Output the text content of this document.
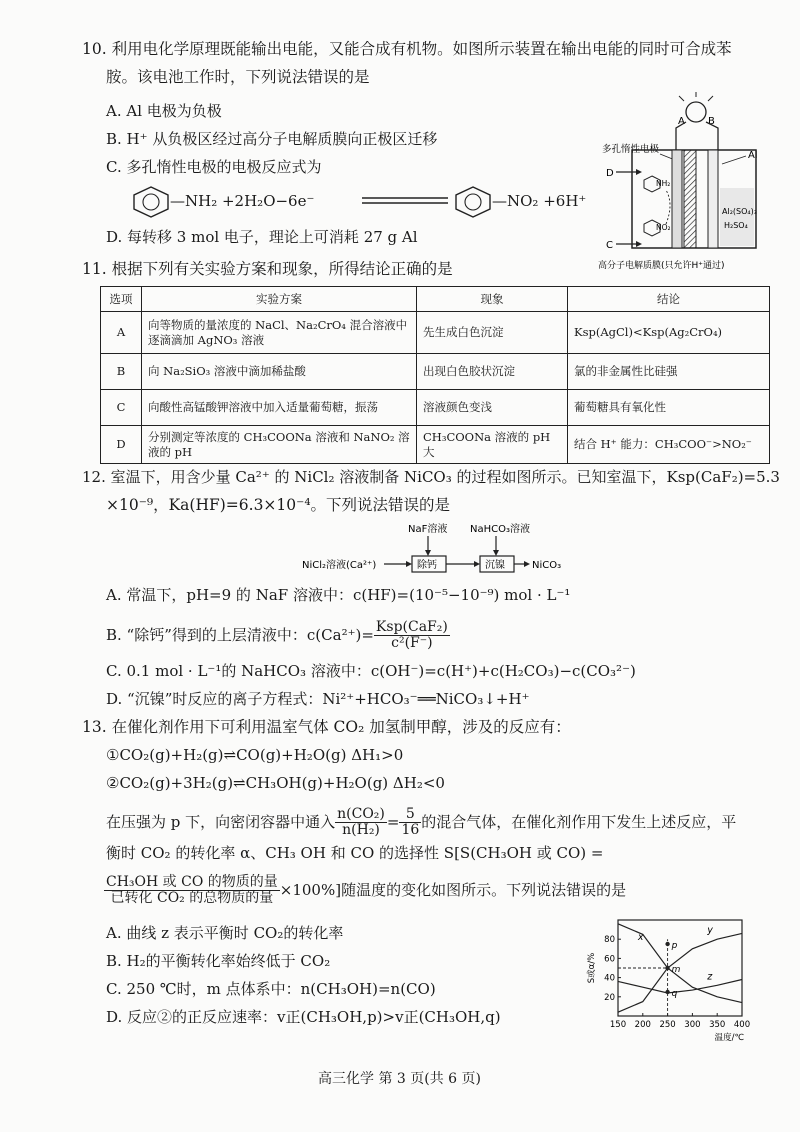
10. 利用电化学原理既能输出电能，又能合成有机物。如图所示装置在输出电能的同时可合成苯
胺。该电池工作时，下列说法错误的是
A. Al 电极为负极
B. H⁺ 从负极区经过高分子电解质膜向正极区迁移
C. 多孔惰性电极的电极反应式为
—NH₂ +2H₂O−6e⁻	—NO₂ +6H⁺
D. 每转移 3 mol 电子，理论上可消耗 27 g Al
A B
多孔惰性电极
Al
Al₂(SO₄)₃
H₂SO₄
D
C
NH₂
NO₂
高分子电解质膜(只允许H⁺通过)
11. 根据下列有关实验方案和现象，所得结论正确的是
选项	实验方案	现象	结论
A	向等物质的量浓度的 NaCl、Na₂CrO₄ 混合溶液中逐滴滴加 AgNO₃ 溶液	先生成白色沉淀	Ksp(AgCl)<Ksp(Ag₂CrO₄)
B	向 Na₂SiO₃ 溶液中滴加稀盐酸	出现白色胶状沉淀	氯的非金属性比硅强
C	向酸性高锰酸钾溶液中加入适量葡萄糖，振荡	溶液颜色变浅	葡萄糖具有氧化性
D	分别测定等浓度的 CH₃COONa 溶液和 NaNO₂ 溶液的 pH	CH₃COONa 溶液的 pH 大	结合 H⁺ 能力：CH₃COO⁻>NO₂⁻
12. 室温下，用含少量 Ca²⁺ 的 NiCl₂ 溶液制备 NiCO₃ 的过程如图所示。已知室温下，Ksp(CaF₂)=5.3
×10⁻⁹，Ka(HF)=6.3×10⁻⁴。下列说法错误的是
NaF溶液 NaHCO₃溶液
NiCl₂溶液(Ca²⁺)	除钙	沉镍	NiCO₃
A. 常温下，pH=9 的 NaF 溶液中：c(HF)=(10⁻⁵−10⁻⁹) mol · L⁻¹
B. “除钙”得到的上层清液中：$c(Ca^{2+})= \frac{\text{Ksp(CaF₂)}}{\text{c²(F⁻)}}$
C. 0.1 mol · L⁻¹的 NaHCO₃ 溶液中：c(OH⁻)=c(H⁺)+c(H₂CO₃)−c(CO₃²⁻)
D. “沉镍”时反应的离子方程式：Ni²⁺+HCO₃⁻══NiCO₃↓+H⁺
13. 在催化剂作用下可利用温室气体 CO₂ 加氢制甲醇，涉及的反应有：
①CO₂(g)+H₂(g)⇌CO(g)+H₂O(g) ΔH₁>0
②CO₂(g)+3H₂(g)⇌CH₃OH(g)+H₂O(g) ΔH₂<0
在压强为 p 下，向密闭容器中通入 $\frac{\text{n(CO₂)}}{\text{n(H₂)}} = \frac{5}{16}$ 的混合气体，在催化剂作用下发生上述反应，平
衡时 CO₂ 的转化率 α、CH₃ OH 和 CO 的选择性 S[S(CH₃OH 或 CO) =
$\frac{\text{CH₃OH 或 CO 的物质的量}}{\text{已转化 CO₂ 的总物质的量}} \times 100\%$]随温度的变化如图所示。下列说法错误的是
A. 曲线 z 表示平衡时 CO₂的转化率
B. H₂的平衡转化率始终低于 CO₂
C. 250 ℃时，m 点体系中：n(CH₃OH)=n(CO)
D. 反应②的正反应速率：v正(CH₃OH,p)>v正(CH₃OH,q)	150 200 250 300 350 400
20
40
60
80
S或α/%
温度/℃
x
y
z
p
m
q
高三化学 第 3 页(共 6 页)
